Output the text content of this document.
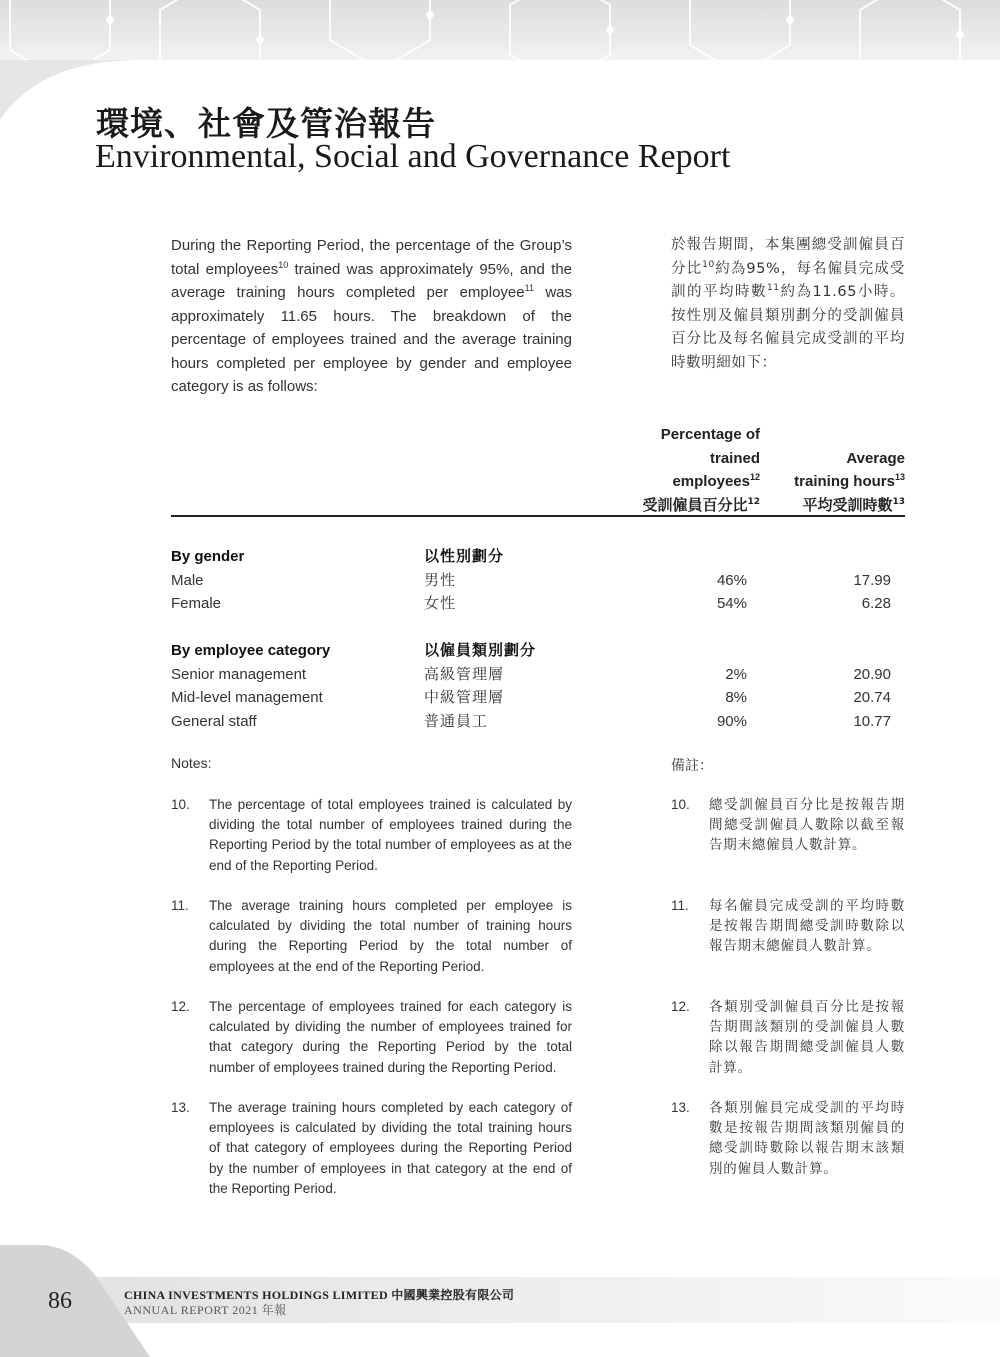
環境、社會及管治報告
Environmental, Social and Governance Report
During the Reporting Period, the percentage of the Group’s total employees$^{10}$ trained was approximately 95%, and the average training hours completed per employee$^{11}$ was approximately 11.65 hours. The breakdown of the percentage of employees trained and the average training hours completed per employee by gender and employee category is as follows:
於報告期間，本集團總受訓僱員百分比$^{10}$約為95%，每名僱員完成受訓的平均時數$^{11}$約為11.65小時。按性別及僱員類別劃分的受訓僱員百分比及每名僱員完成受訓的平均時數明細如下：
Percentage of
trained
employees$^{12}$
受訓僱員百分比$^{12}$

Average
training hours$^{13}$
平均受訓時數$^{13}$
By gender	以性別劃分
Male	男性	46%	17.99
Female	女性	54%	6.28
By employee category	以僱員類別劃分
Senior management	高級管理層	2%	20.90
Mid-level management	中級管理層	8%	20.74
General staff	普通員工	90%	10.77
Notes:	備註：
10. The percentage of total employees trained is calculated by dividing the total number of employees trained during the Reporting Period by the total number of employees as at the end of the Reporting Period.
10. 總受訓僱員百分比是按報告期間總受訓僱員人數除以截至報告期末總僱員人數計算。
11. The average training hours completed per employee is calculated by dividing the total number of training hours during the Reporting Period by the total number of employees at the end of the Reporting Period.
11. 每名僱員完成受訓的平均時數是按報告期間總受訓時數除以報告期末總僱員人數計算。
12. The percentage of employees trained for each category is calculated by dividing the number of employees trained for that category during the Reporting Period by the total number of employees trained during the Reporting Period.
12. 各類別受訓僱員百分比是按報告期間該類別的受訓僱員人數除以報告期間總受訓僱員人數計算。
13. The average training hours completed by each category of employees is calculated by dividing the total training hours of that category of employees during the Reporting Period by the number of employees in that category at the end of the Reporting Period.
13. 各類別僱員完成受訓的平均時數是按報告期間該類別僱員的總受訓時數除以報告期末該類別的僱員人數計算。
86	CHINA INVESTMENTS HOLDINGS LIMITED 中國興業控股有限公司
ANNUAL REPORT 2021 年報
